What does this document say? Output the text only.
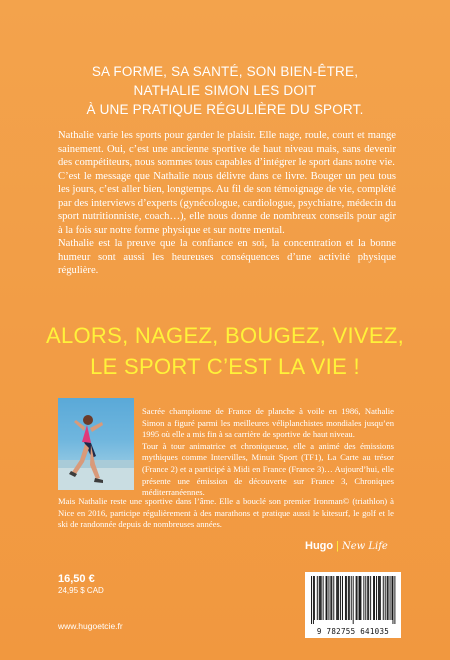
SA FORME, SA SANTÉ, SON BIEN-ÊTRE,
NATHALIE SIMON LES DOIT
À UNE PRATIQUE RÉGULIÈRE DU SPORT.

Nathalie varie les sports pour garder le plaisir. Elle nage, roule, court et mange sainement. Oui, c’est une ancienne sportive de haut niveau mais, sans devenir des compétiteurs, nous sommes tous capables d’intégrer le sport dans notre vie.

C’est le message que Nathalie nous délivre dans ce livre. Bouger un peu tous les jours, c’est aller bien, longtemps. Au fil de son témoignage de vie, complété par des interviews d’experts (gynécologue, cardiologue, psychiatre, médecin du sport nutritionniste, coach…), elle nous donne de nombreux conseils pour agir à la fois sur notre forme physique et sur notre mental.

Nathalie est la preuve que la confiance en soi, la concentration et la bonne humeur sont aussi les heureuses conséquences d’une activité physique régulière.

ALORS, NAGEZ, BOUGEZ, VIVEZ,
LE SPORT C’EST LA VIE !

Sacrée championne de France de planche à voile en 1986, Nathalie Simon a figuré parmi les meilleures véliplanchistes mondiales jusqu’en 1995 où elle a mis fin à sa carrière de sportive de haut niveau.

Tour à tour animatrice et chroniqueuse, elle a animé des émissions mythiques comme Intervilles, Minuit Sport (TF1), La Carte au trésor (France 2) et a participé à Midi en France (France 3)… Aujourd’hui, elle présente une émission de découverte sur France 3, Chroniques méditerranéennes.

Mais Nathalie reste une sportive dans l’âme. Elle a bouclé son premier Ironman© (triathlon) à Nice en 2016, participe régulièrement à des marathons et pratique aussi le kitesurf, le golf et le ski de randonnée depuis de nombreuses années.

Hugo | New Life
16,50 €
24,95 $ CAD
www.hugoetcie.fr
9 782755 641035
